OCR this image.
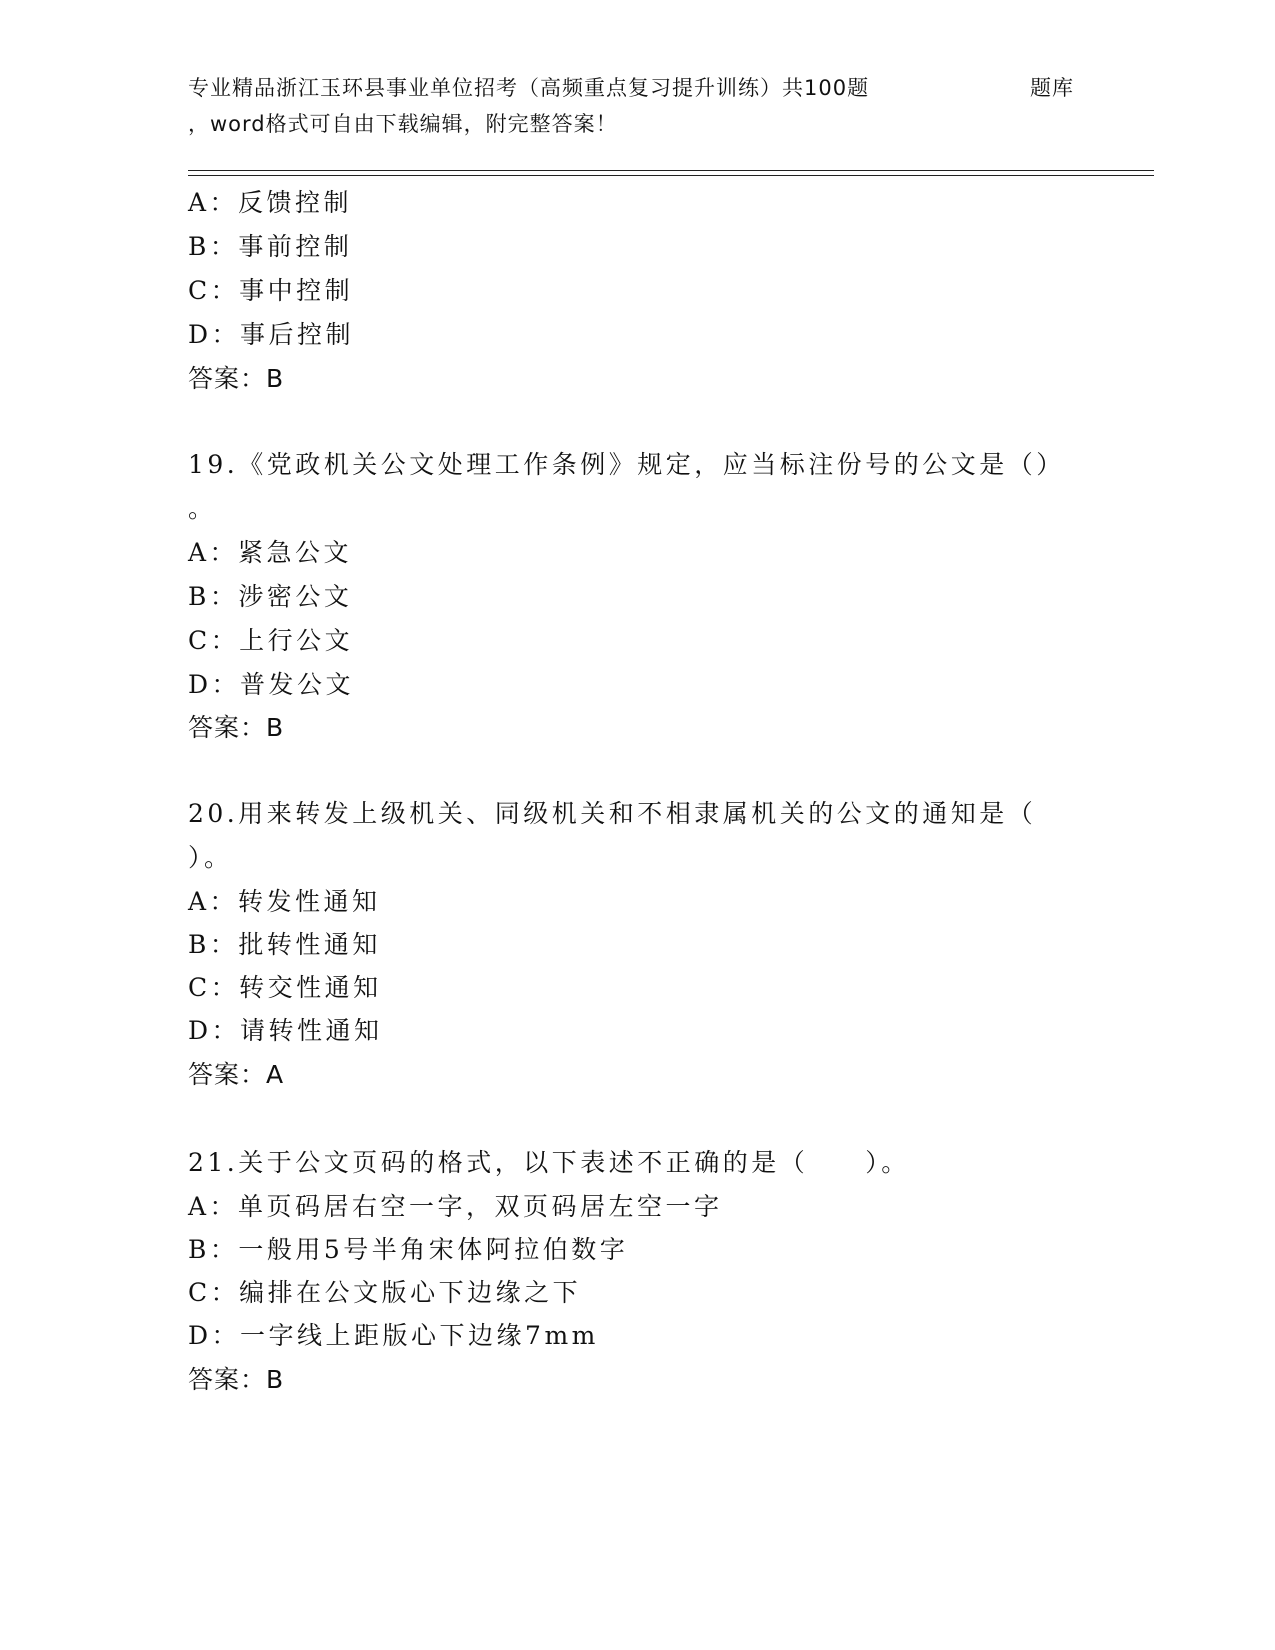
专业精品浙江玉环县事业单位招考（高频重点复习提升训练）共100题	题库
，word格式可自由下载编辑，附完整答案！
A：反馈控制
B：事前控制
C：事中控制
D：事后控制
答案：B
19.《党政机关公文处理工作条例》规定，应当标注份号的公文是（）
。
A：紧急公文
B：涉密公文
C：上行公文
D：普发公文
答案：B
20.用来转发上级机关、同级机关和不相隶属机关的公文的通知是（
）。
A：转发性通知
B：批转性通知
C：转交性通知
D：请转性通知
答案：A
21.关于公文页码的格式，以下表述不正确的是（　　）。
A：单页码居右空一字，双页码居左空一字
B：一般用5号半角宋体阿拉伯数字
C：编排在公文版心下边缘之下
D：一字线上距版心下边缘7mm
答案：B
